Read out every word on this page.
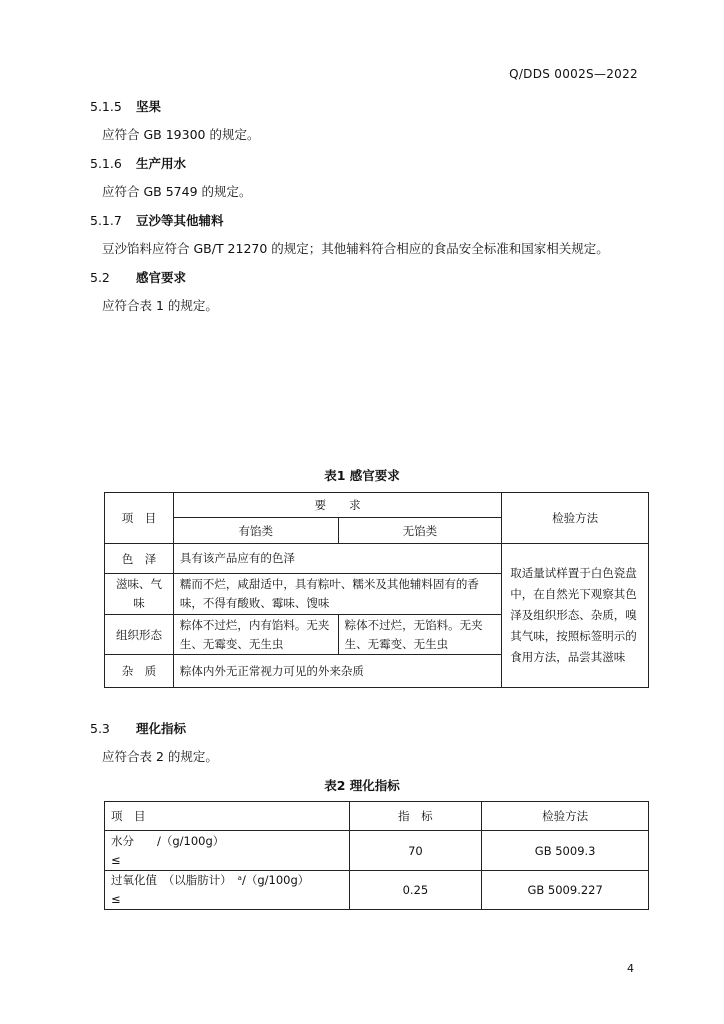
Q/DDS 0002S—2022
5.1.5 坚果
应符合 GB 19300 的规定。
5.1.6 生产用水
应符合 GB 5749 的规定。
5.1.7 豆沙等其他辅料
豆沙馅料应符合 GB/T 21270 的规定；其他辅料符合相应的食品安全标准和国家相关规定。
5.2 感官要求
应符合表 1 的规定。
表1 感官要求
项　目	要　　求		检验方法
	有馅类	无馅类	
色　泽	具有该产品应有的色泽		取适量试样置于白色瓷盘中，在自然光下观察其色泽及组织形态、杂质，嗅其气味，按照标签明示的食用方法，品尝其滋味
滋味、气味	糯而不烂，咸甜适中，具有粽叶、糯米及其他辅料固有的香味，不得有酸败、霉味、馊味		
组织形态	粽体不过烂，内有馅料。无夹生、无霉变、无生虫	粽体不过烂，无馅料。无夹生、无霉变、无生虫	
杂　质	粽体内外无正常视力可见的外来杂质		
5.3 理化指标
应符合表 2 的规定。
表2 理化指标
项　目	指　标	检验方法

水分　　/（g/100g）
≤	70	GB 5009.3

过氧化值　（以脂肪计）　ᵃ/（g/100g）
≤	0.25	GB 5009.227
4
